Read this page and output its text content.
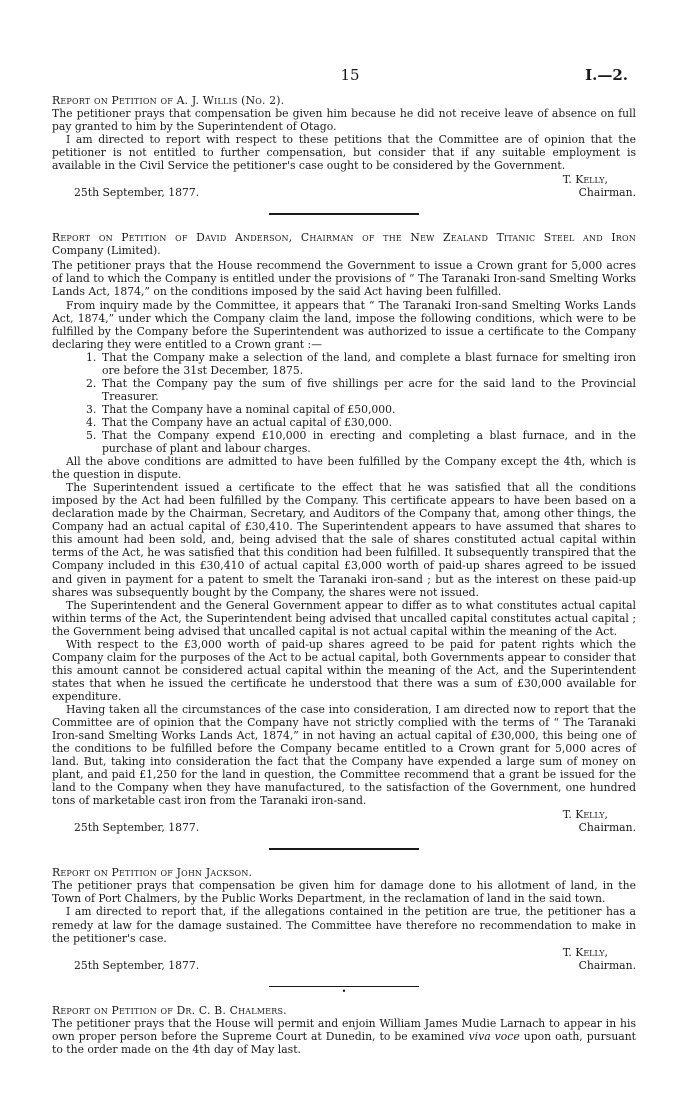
15	I.—2.

Report on Petition of A. J. Willis (No. 2).

The petitioner prays that compensation be given him because he did not receive leave of absence on full pay granted to him by the Superintendent of Otago.

I am directed to report with respect to these petitions that the Committee are of opinion that the petitioner is not entitled to further compensation, but consider that if any suitable employment is available in the Civil Service the petitioner's case ought to be considered by the Government.

T. Kelly,
25th September, 1877.	Chairman.

Report on Petition of David Anderson, Chairman of the New Zealand Titanic Steel and Iron

Company (Limited).

The petitioner prays that the House recommend the Government to issue a Crown grant for 5,000 acres of land to which the Company is entitled under the provisions of “ The Taranaki Iron-sand Smelting Works Lands Act, 1874,” on the conditions imposed by the said Act having been fulfilled.

From inquiry made by the Committee, it appears that “ The Taranaki Iron-sand Smelting Works Lands Act, 1874,” under which the Company claim the land, impose the following conditions, which were to be fulfilled by the Company before the Superintendent was authorized to issue a certificate to the Company declaring they were entitled to a Crown grant :—

1. That the Company make a selection of the land, and complete a blast furnace for smelting iron ore before the 31st December, 1875.
2. That the Company pay the sum of five shillings per acre for the said land to the Provincial Treasurer.
3. That the Company have a nominal capital of £50,000.
4. That the Company have an actual capital of £30,000.
5. That the Company expend £10,000 in erecting and completing a blast furnace, and in the purchase of plant and labour charges.

All the above conditions are admitted to have been fulfilled by the Company except the 4th, which is the question in dispute.

The Superintendent issued a certificate to the effect that he was satisfied that all the conditions imposed by the Act had been fulfilled by the Company. This certificate appears to have been based on a declaration made by the Chairman, Secretary, and Auditors of the Company that, among other things, the Company had an actual capital of £30,410. The Superintendent appears to have assumed that shares to this amount had been sold, and, being advised that the sale of shares constituted actual capital within terms of the Act, he was satisfied that this condition had been fulfilled. It subsequently transpired that the Company included in this £30,410 of actual capital £3,000 worth of paid-up shares agreed to be issued and given in payment for a patent to smelt the Taranaki iron-sand ; but as the interest on these paid-up shares was subsequently bought by the Company, the shares were not issued.

The Superintendent and the General Government appear to differ as to what constitutes actual capital within terms of the Act, the Superintendent being advised that uncalled capital constitutes actual capital ; the Government being advised that uncalled capital is not actual capital within the meaning of the Act.

With respect to the £3,000 worth of paid-up shares agreed to be paid for patent rights which the Company claim for the purposes of the Act to be actual capital, both Governments appear to consider that this amount cannot be considered actual capital within the meaning of the Act, and the Superintendent states that when he issued the certificate he understood that there was a sum of £30,000 available for expenditure.

Having taken all the circumstances of the case into consideration, I am directed now to report that the Committee are of opinion that the Company have not strictly complied with the terms of “ The Taranaki Iron-sand Smelting Works Lands Act, 1874,” in not having an actual capital of £30,000, this being one of the conditions to be fulfilled before the Company became entitled to a Crown grant for 5,000 acres of land. But, taking into consideration the fact that the Company have expended a large sum of money on plant, and paid £1,250 for the land in question, the Committee recommend that a grant be issued for the land to the Company when they have manufactured, to the satisfaction of the Government, one hundred tons of marketable cast iron from the Taranaki iron-sand.

T. Kelly,
25th September, 1877.	Chairman.

Report on Petition of John Jackson.

The petitioner prays that compensation be given him for damage done to his allotment of land, in the Town of Port Chalmers, by the Public Works Department, in the reclamation of land in the said town.

I am directed to report that, if the allegations contained in the petition are true, the petitioner has a remedy at law for the damage sustained. The Committee have therefore no recommendation to make in the petitioner's case.

T. Kelly,
25th September, 1877.	Chairman.
•

Report on Petition of Dr. C. B. Chalmers.

The petitioner prays that the House will permit and enjoin William James Mudie Larnach to appear in his own proper person before the Supreme Court at Dunedin, to be examined viva voce upon oath, pursuant to the order made on the 4th day of May last.
